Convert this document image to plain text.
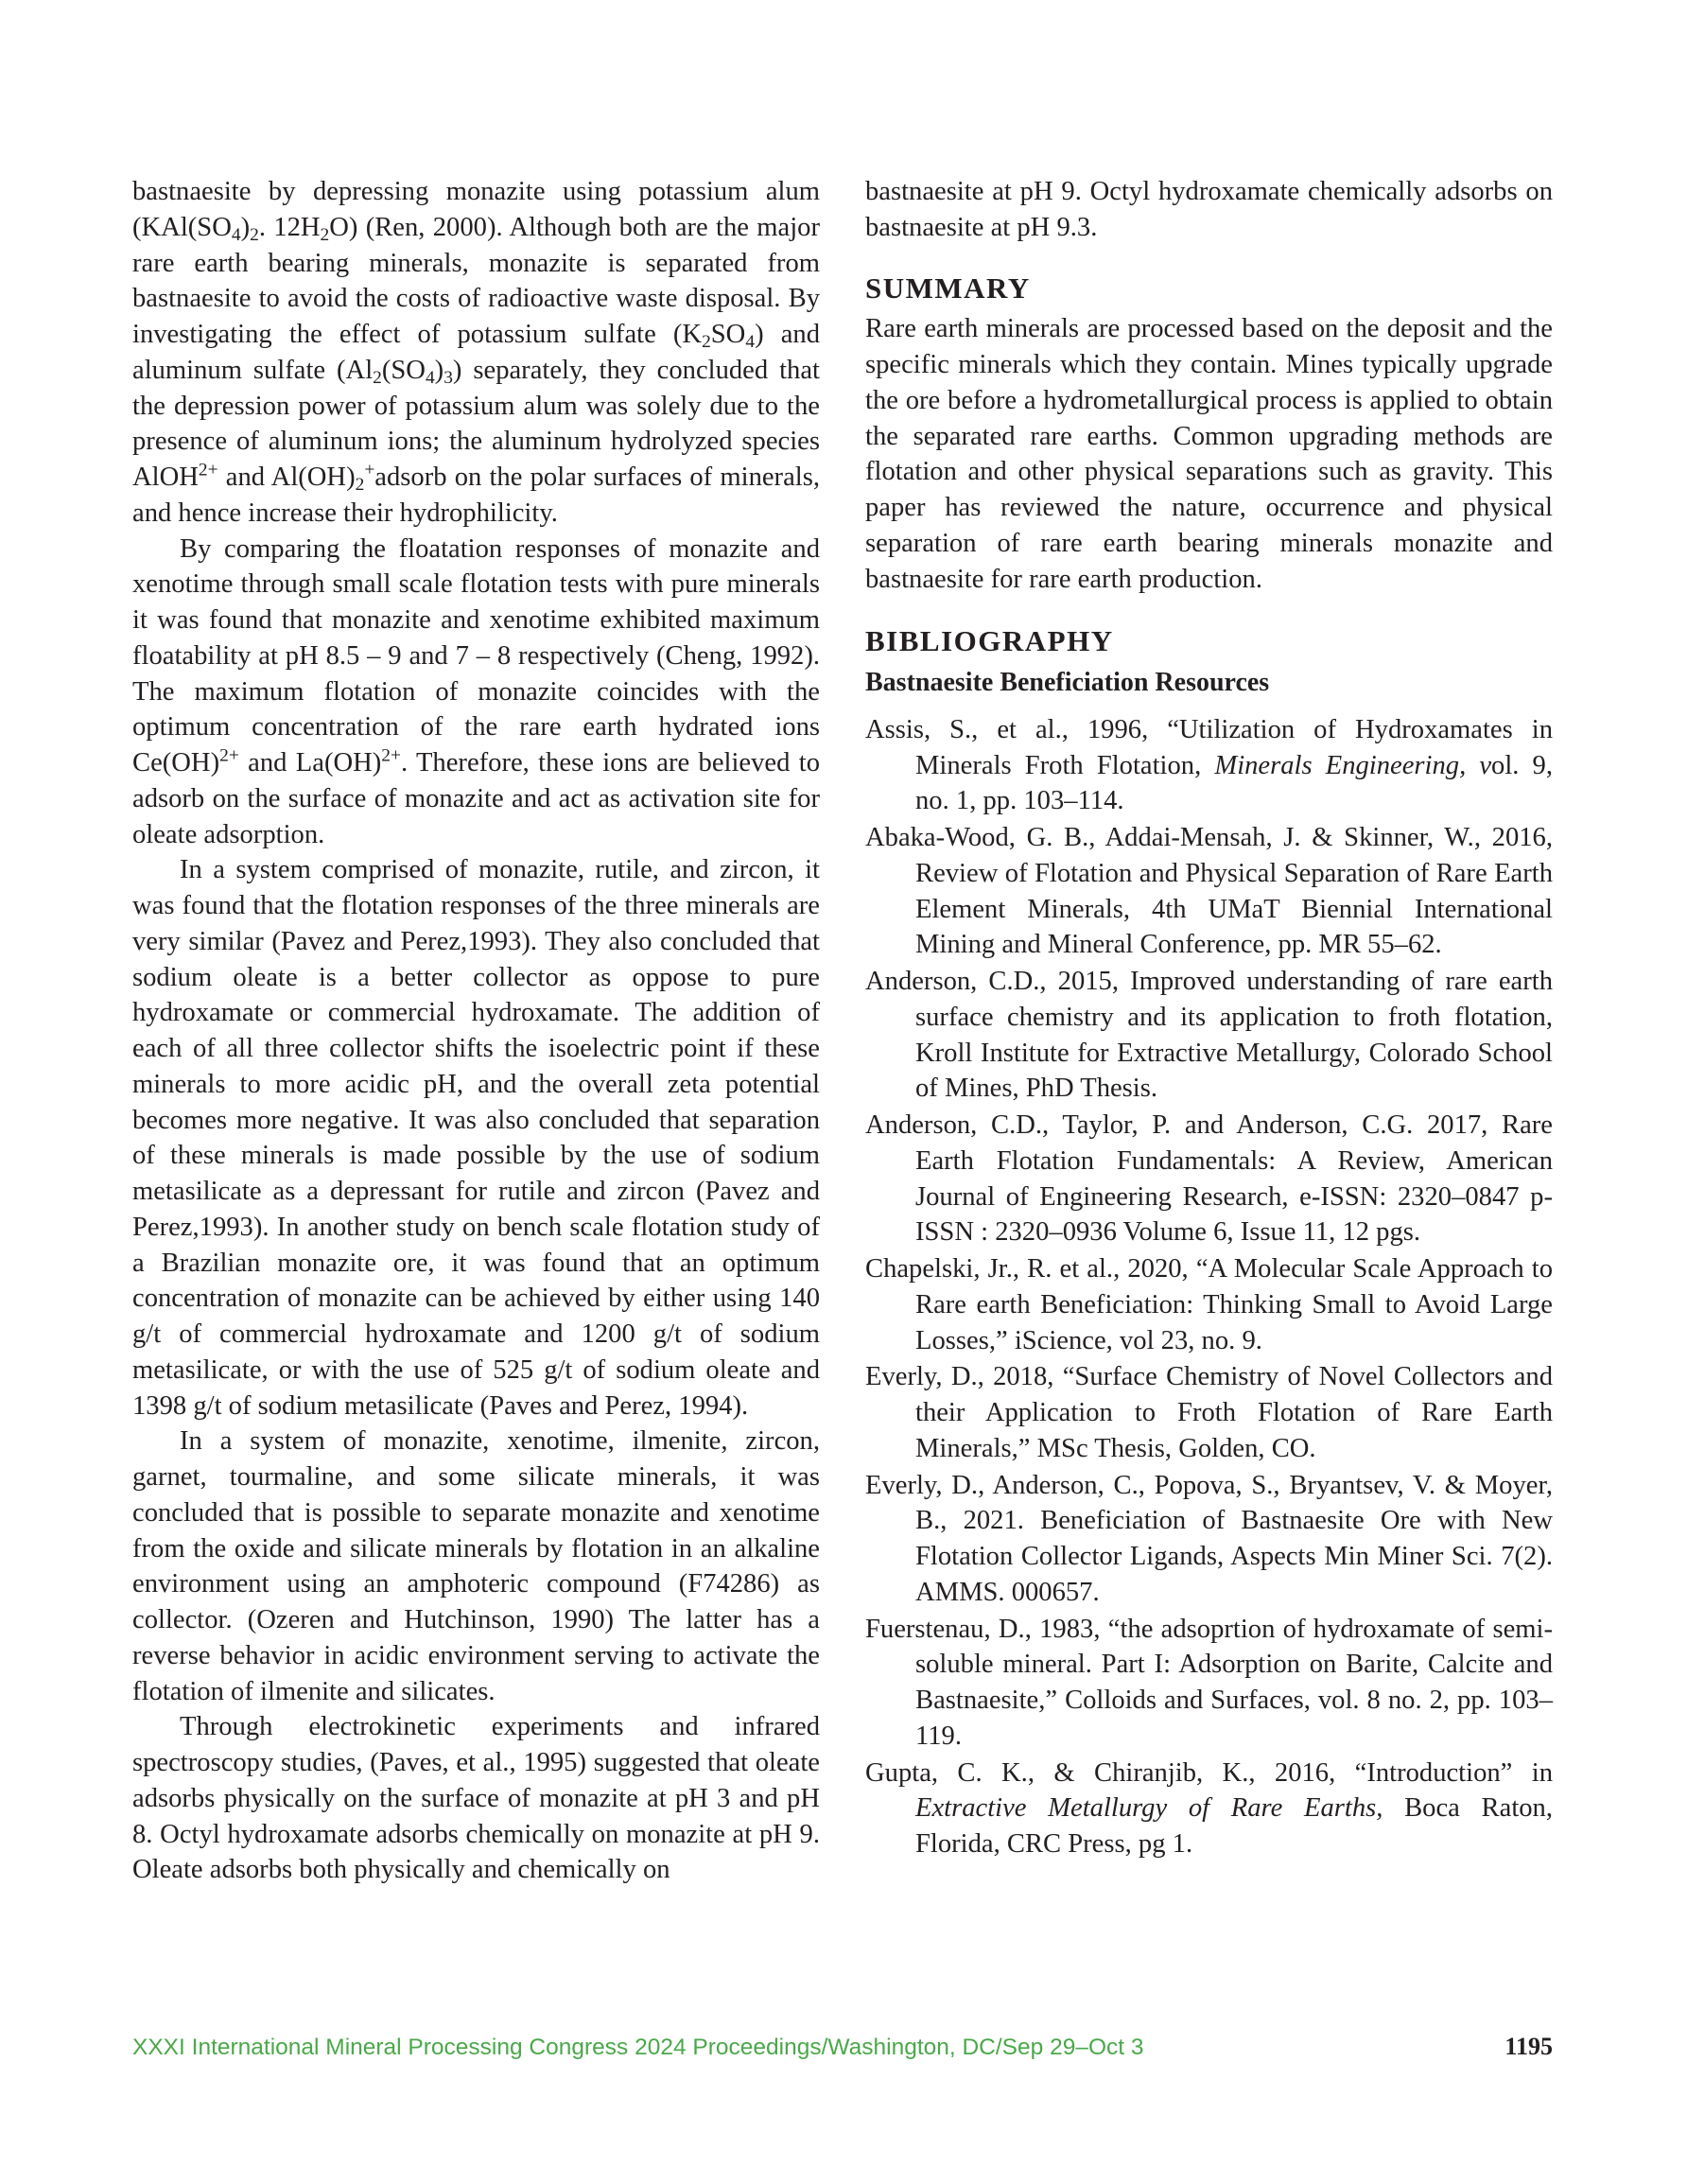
bastnaesite by depressing monazite using potassium alum ($KAl(SO_4)_2$. $12H_2O$) (Ren, 2000). Although both are the major rare earth bearing minerals, monazite is separated from bastnaesite to avoid the costs of radioactive waste disposal. By investigating the effect of potassium sulfate $(K_2SO_4)$ and aluminum sulfate $(Al_2(SO_4)_3)$ separately, they concluded that the depression power of potassium alum was solely due to the presence of aluminum ions; the aluminum hydrolyzed species AlOH$^{2+}$ and $Al(OH)_2^+adsorb$ on the polar surfaces of minerals, and hence increase their hydrophilicity.

By comparing the floatation responses of monazite and xenotime through small scale flotation tests with pure minerals it was found that monazite and xenotime exhibited maximum floatability at pH 8.5 – 9 and 7 – 8 respectively (Cheng, 1992). The maximum flotation of monazite coincides with the optimum concentration of the rare earth hydrated ions Ce(OH)$^{2+}$ and La(OH)$^{2+}$. Therefore, these ions are believed to adsorb on the surface of monazite and act as activation site for oleate adsorption.

In a system comprised of monazite, rutile, and zircon, it was found that the flotation responses of the three minerals are very similar (Pavez and Perez,1993). They also concluded that sodium oleate is a better collector as oppose to pure hydroxamate or commercial hydroxamate. The addition of each of all three collector shifts the isoelectric point if these minerals to more acidic pH, and the overall zeta potential becomes more negative. It was also concluded that separation of these minerals is made possible by the use of sodium metasilicate as a depressant for rutile and zircon (Pavez and Perez,1993). In another study on bench scale flotation study of a Brazilian monazite ore, it was found that an optimum concentration of monazite can be achieved by either using 140 g/t of commercial hydroxamate and 1200 g/t of sodium metasilicate, or with the use of 525 g/t of sodium oleate and 1398 g/t of sodium metasilicate (Paves and Perez, 1994).

In a system of monazite, xenotime, ilmenite, zircon, garnet, tourmaline, and some silicate minerals, it was concluded that is possible to separate monazite and xenotime from the oxide and silicate minerals by flotation in an alkaline environment using an amphoteric compound (F74286) as collector. (Ozeren and Hutchinson, 1990) The latter has a reverse behavior in acidic environment serving to activate the flotation of ilmenite and silicates.

Through electrokinetic experiments and infrared spectroscopy studies, (Paves, et al., 1995) suggested that oleate adsorbs physically on the surface of monazite at pH 3 and pH 8. Octyl hydroxamate adsorbs chemically on monazite at pH 9. Oleate adsorbs both physically and chemically on

bastnaesite at pH 9. Octyl hydroxamate chemically adsorbs on bastnaesite at pH 9.3.

SUMMARY

Rare earth minerals are processed based on the deposit and the specific minerals which they contain. Mines typically upgrade the ore before a hydrometallurgical process is applied to obtain the separated rare earths. Common upgrading methods are flotation and other physical separations such as gravity. This paper has reviewed the nature, occurrence and physical separation of rare earth bearing minerals monazite and bastnaesite for rare earth production.

BIBLIOGRAPHY
Bastnaesite Beneficiation Resources

Assis, S., et al., 1996, “Utilization of Hydroxamates in Minerals Froth Flotation, Minerals Engineering, vol. 9, no. 1, pp. 103–114.

Abaka-Wood, G. B., Addai-Mensah, J. & Skinner, W., 2016, Review of Flotation and Physical Separation of Rare Earth Element Minerals, 4th UMaT Biennial International Mining and Mineral Conference, pp. MR 55–62.

Anderson, C.D., 2015, Improved understanding of rare earth surface chemistry and its application to froth flotation, Kroll Institute for Extractive Metallurgy, Colorado School of Mines, PhD Thesis.

Anderson, C.D., Taylor, P. and Anderson, C.G. 2017, Rare Earth Flotation Fundamentals: A Review, American Journal of Engineering Research, e-ISSN: 2320–0847 p-ISSN : 2320–0936 Volume 6, Issue 11, 12 pgs.

Chapelski, Jr., R. et al., 2020, “A Molecular Scale Approach to Rare earth Beneficiation: Thinking Small to Avoid Large Losses,” iScience, vol 23, no. 9.

Everly, D., 2018, “Surface Chemistry of Novel Collectors and their Application to Froth Flotation of Rare Earth Minerals,” MSc Thesis, Golden, CO.

Everly, D., Anderson, C., Popova, S., Bryantsev, V. & Moyer, B., 2021. Beneficiation of Bastnaesite Ore with New Flotation Collector Ligands, Aspects Min Miner Sci. 7(2). AMMS. 000657.

Fuerstenau, D., 1983, “the adsoprtion of hydroxamate of semi-soluble mineral. Part I: Adsorption on Barite, Calcite and Bastnaesite,” Colloids and Surfaces, vol. 8 no. 2, pp. 103–119.

Gupta, C. K., & Chiranjib, K., 2016, “Introduction” in Extractive Metallurgy of Rare Earths, Boca Raton, Florida, CRC Press, pg 1.

XXXI International Mineral Processing Congress 2024 Proceedings/Washington, DC/Sep 29–Oct 3	1195
